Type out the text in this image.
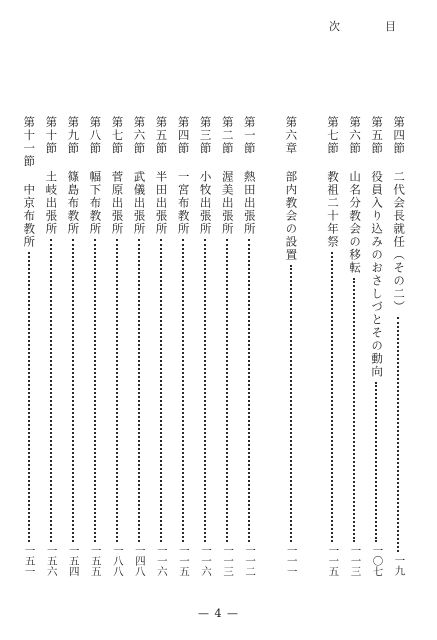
次	目
第四節 二代会長就任（その二）
一九
第五節 役員入り込みのおさしづとその動向
一〇七
第六節 山名分教会の移転
一一三
第七節 教祖二十年祭
一一五
第六章 部内教会の設置
一一一
第一節 熱田出張所
一一二
第二節 渥美出張所
一一三
第三節 小牧出張所
一一六
第四節 一宮布教所
一一五
第五節 半田出張所
一一六
第六節 武儀出張所
一四八
第七節 菅原出張所
一八八
第八節 幅下布教所
一五五
第九節 篠島布教所
一五四
第十節 土岐出張所
一五六
第十一節 中京布教所
一五一
— 4 —
